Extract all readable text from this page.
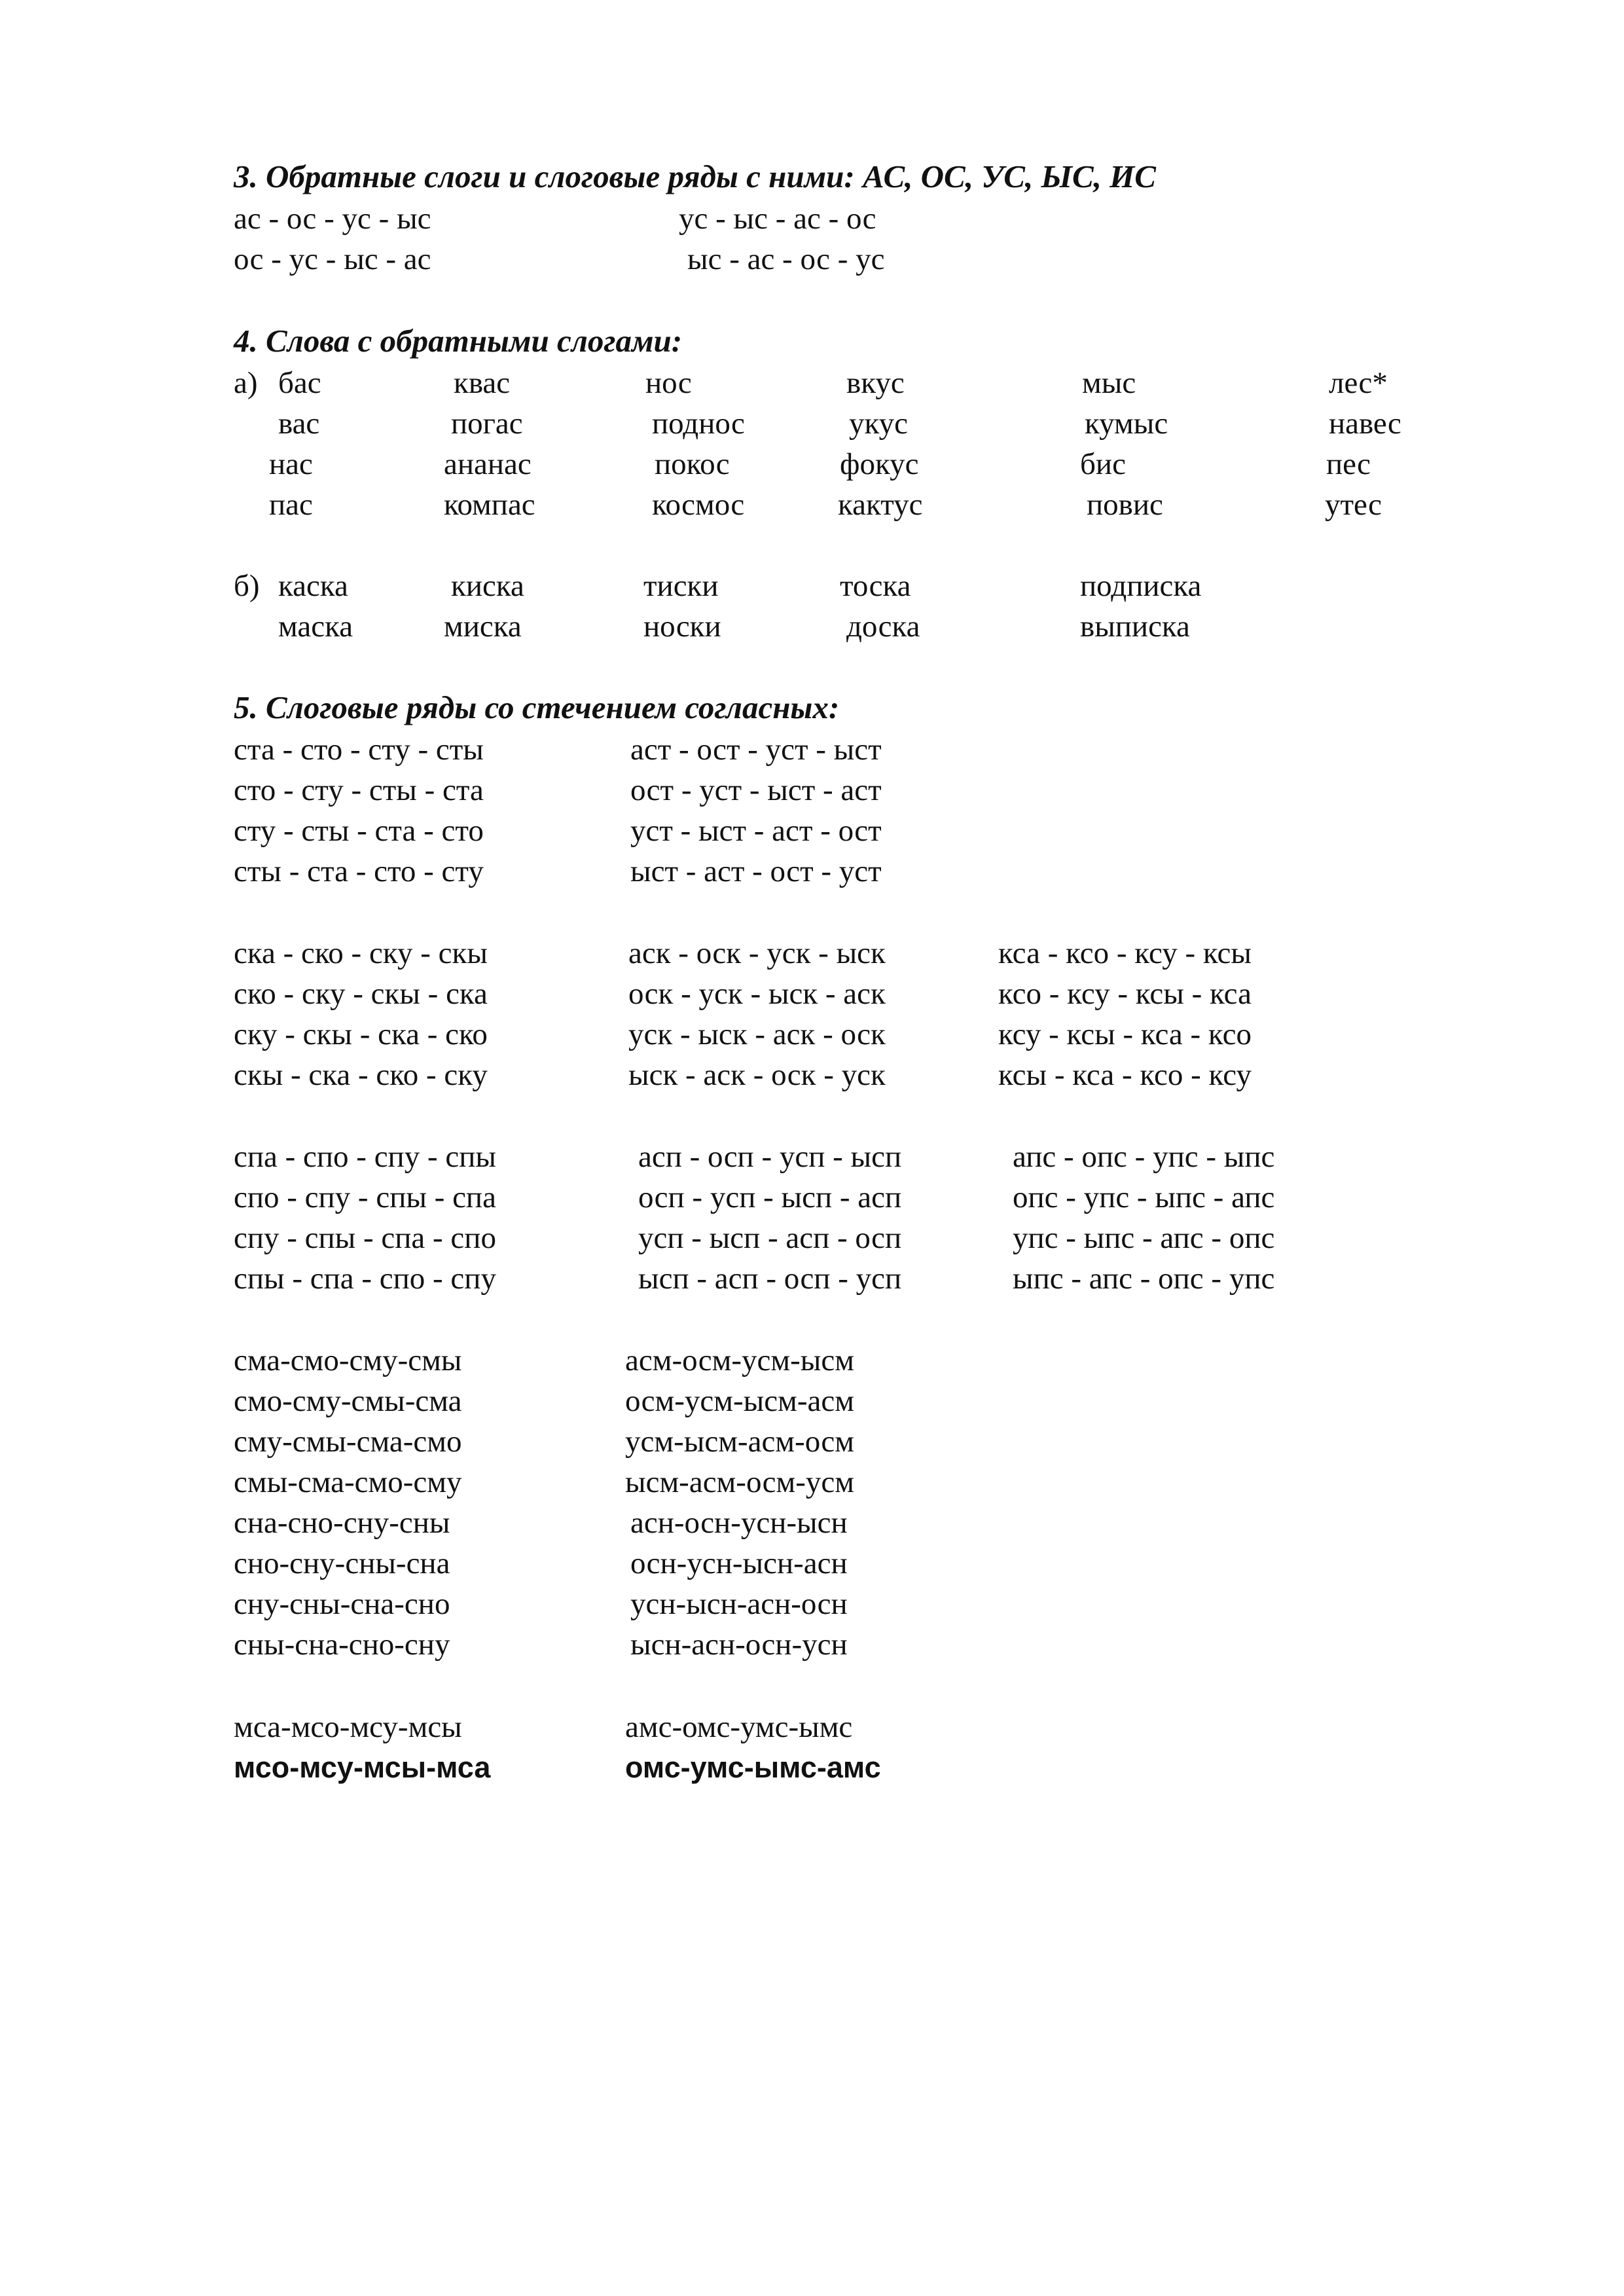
3. Обратные слоги и слоговые ряды с ними: АС, ОС, УС, ЫС, ИС
ас - ос - ус - ыс
ос - ус - ыс - ас
ус - ыс - ас - ос
ыс - ас - ос - ус
4. Слова с обратными слогами:
а) бас
вас
нас
пас
квас
погас
ананас
компас
нос
поднос
покос
космос
вкус
укус
фокус
кактус
мыс
кумыс
бис
повис
лес*
навес
пес
утес
б) каска
маска
киска
миска
тиски
носки
тоска
доска
подписка
выписка
5. Слоговые ряды со стечением согласных:
ста - сто - сту - сты
сто - сту - сты - ста
сту - сты - ста - сто
сты - ста - сто - сту
аст - ост - уст - ыст
ост - уст - ыст - аст
уст - ыст - аст - ост
ыст - аст - ост - уст
ска - ско - ску - скы
ско - ску - скы - ска
ску - скы - ска - ско
скы - ска - ско - ску
аск - оск - уск - ыск
оск - уск - ыск - аск
уск - ыск - аск - оск
ыск - аск - оск - уск
кса - ксо - ксу - ксы
ксо - ксу - ксы - кса
ксу - ксы - кса - ксо
ксы - кса - ксо - ксу
спа - спо - спу - спы
спо - спу - спы - спа
спу - спы - спа - спо
спы - спа - спо - спу
асп - осп - усп - ысп
осп - усп - ысп - асп
усп - ысп - асп - осп
ысп - асп - осп - усп
апс - опс - упс - ыпс
опс - упс - ыпс - апс
упс - ыпс - апс - опс
ыпс - апс - опс - упс
сма-смо-сму-смы
смо-сму-смы-сма
сму-смы-сма-смо
смы-сма-смо-сму
сна-сно-сну-сны
сно-сну-сны-сна
сну-сны-сна-сно
сны-сна-сно-сну
асм-осм-усм-ысм
осм-усм-ысм-асм
усм-ысм-асм-осм
ысм-асм-осм-усм
асн-осн-усн-ысн
осн-усн-ысн-асн
усн-ысн-асн-осн
ысн-асн-осн-усн
мса-мсо-мсу-мсы
мсо-мсу-мсы-мса
амс-омс-умс-ымс
омс-умс-ымс-амс
